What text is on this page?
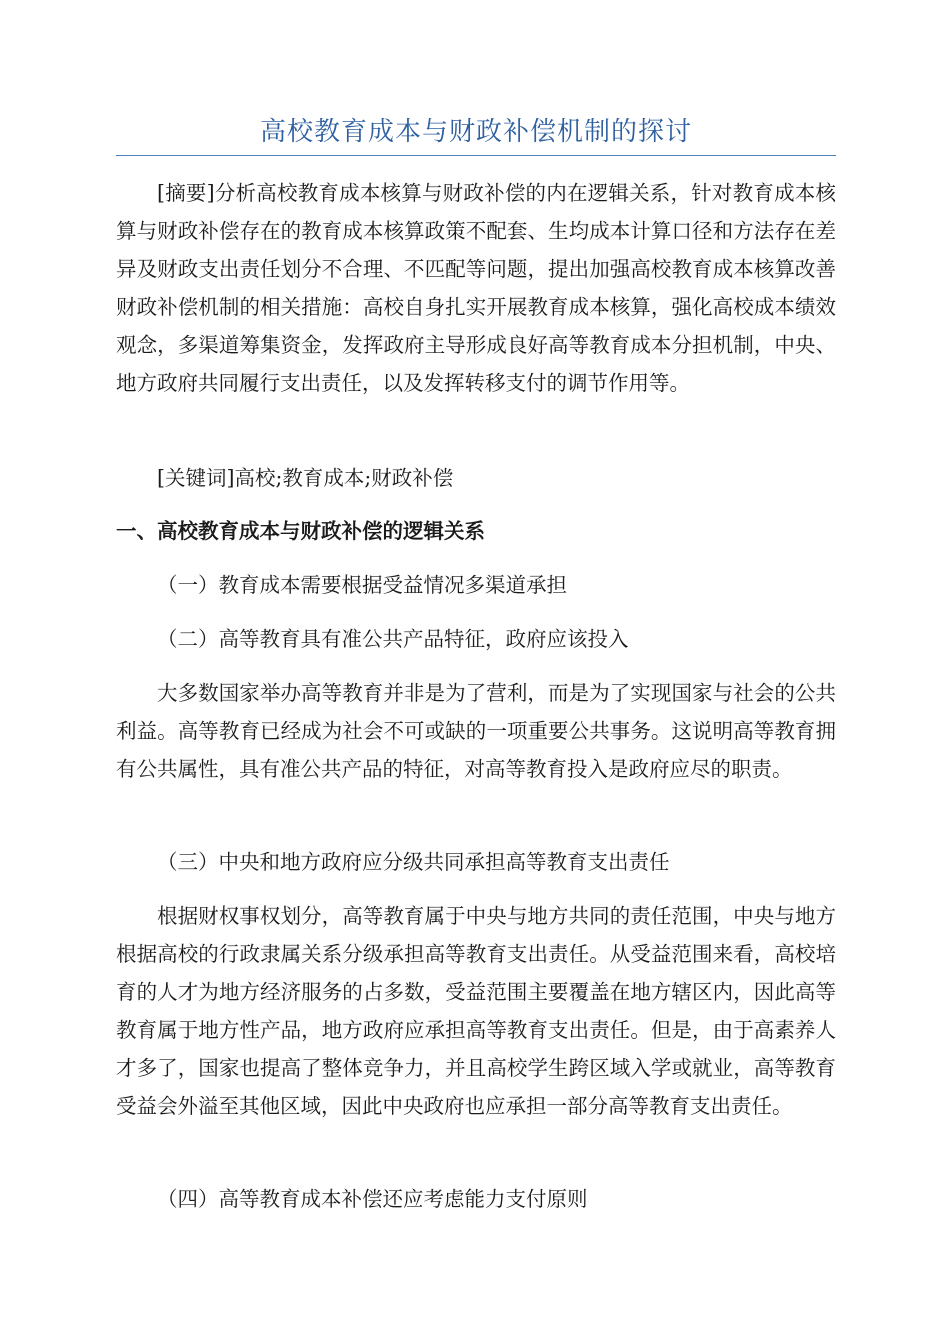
高校教育成本与财政补偿机制的探讨

[摘要]分析高校教育成本核算与财政补偿的内在逻辑关系，针对教育成本核算与财政补偿存在的教育成本核算政策不配套、生均成本计算口径和方法存在差异及财政支出责任划分不合理、不匹配等问题，提出加强高校教育成本核算改善财政补偿机制的相关措施：高校自身扎实开展教育成本核算，强化高校成本绩效观念，多渠道筹集资金，发挥政府主导形成良好高等教育成本分担机制，中央、地方政府共同履行支出责任，以及发挥转移支付的调节作用等。

[关键词]高校;教育成本;财政补偿

一、高校教育成本与财政补偿的逻辑关系

（一）教育成本需要根据受益情况多渠道承担

（二）高等教育具有准公共产品特征，政府应该投入

大多数国家举办高等教育并非是为了营利，而是为了实现国家与社会的公共利益。高等教育已经成为社会不可或缺的一项重要公共事务。这说明高等教育拥有公共属性，具有准公共产品的特征，对高等教育投入是政府应尽的职责。

（三）中央和地方政府应分级共同承担高等教育支出责任

根据财权事权划分，高等教育属于中央与地方共同的责任范围，中央与地方根据高校的行政隶属关系分级承担高等教育支出责任。从受益范围来看，高校培育的人才为地方经济服务的占多数，受益范围主要覆盖在地方辖区内，因此高等教育属于地方性产品，地方政府应承担高等教育支出责任。但是，由于高素养人才多了，国家也提高了整体竞争力，并且高校学生跨区域入学或就业，高等教育受益会外溢至其他区域，因此中央政府也应承担一部分高等教育支出责任。

（四）高等教育成本补偿还应考虑能力支付原则
